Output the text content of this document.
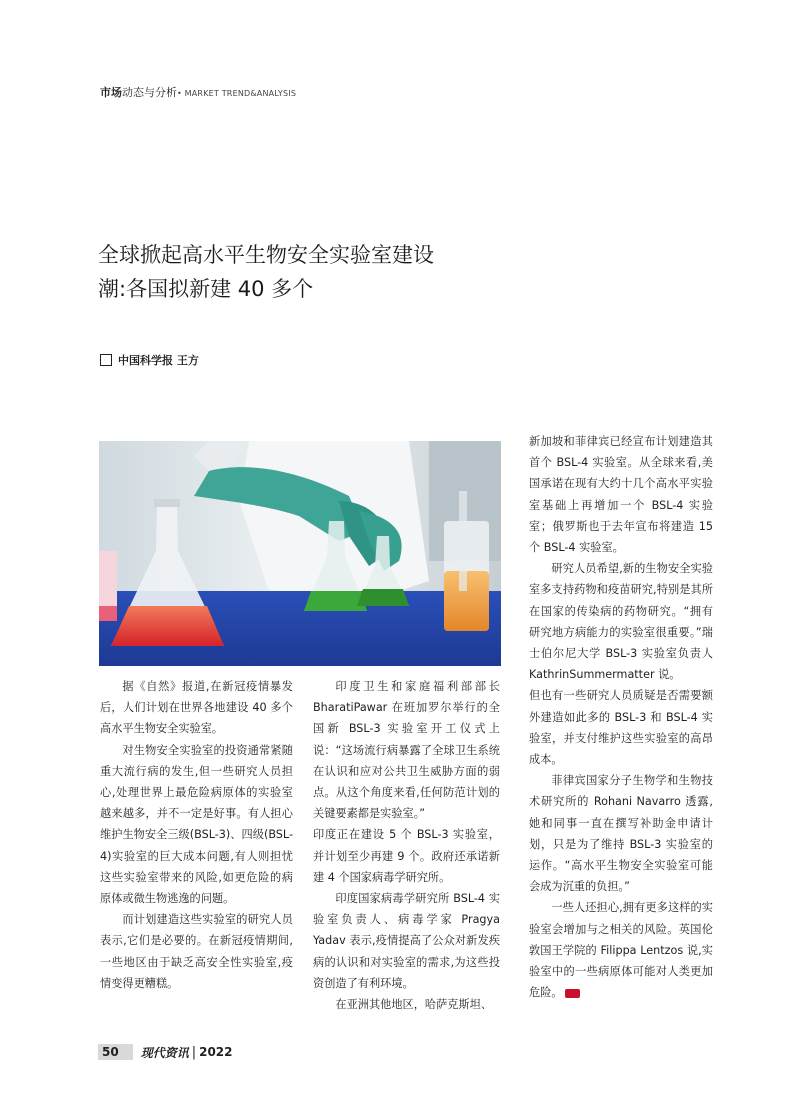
市场动态与分析• MARKET TREND&ANALYSIS
全球掀起高水平生物安全实验室建设
潮:各国拟新建 40 多个
中国科学报 王方

据《自然》报道,在新冠疫情暴发后，人们计划在世界各地建设 40 多个高水平生物安全实验室。

对生物安全实验室的投资通常紧随重大流行病的发生,但一些研究人员担心,处理世界上最危险病原体的实验室越来越多，并不一定是好事。有人担心维护生物安全三级(BSL-3)、四级(BSL-4)实验室的巨大成本问题,有人则担忧这些实验室带来的风险,如更危险的病原体或微生物逃逸的问题。

而计划建造这些实验室的研究人员表示,它们是必要的。在新冠疫情期间,一些地区由于缺乏高安全性实验室,疫情变得更糟糕。

印度卫生和家庭福利部部长 BharatiPawar 在班加罗尔举行的全国新 BSL-3 实验室开工仪式上说：“这场流行病暴露了全球卫生系统在认识和应对公共卫生威胁方面的弱点。从这个角度来看,任何防范计划的关键要素都是实验室。”

印度正在建设 5 个 BSL-3 实验室，并计划至少再建 9 个。政府还承诺新建 4 个国家病毒学研究所。

印度国家病毒学研究所 BSL-4 实验室负责人、病毒学家 Pragya Yadav 表示,疫情提高了公众对新发疾病的认识和对实验室的需求,为这些投资创造了有利环境。

在亚洲其他地区，哈萨克斯坦、

新加坡和菲律宾已经宣布计划建造其首个 BSL-4 实验室。从全球来看,美国承诺在现有大约十几个高水平实验室基础上再增加一个 BSL-4 实验室；俄罗斯也于去年宣布将建造 15 个 BSL-4 实验室。

研究人员希望,新的生物安全实验室多支持药物和疫苗研究,特别是其所在国家的传染病的药物研究。“拥有研究地方病能力的实验室很重要。”瑞士伯尔尼大学 BSL-3 实验室负责人 KathrinSummermatter 说。

但也有一些研究人员质疑是否需要额外建造如此多的 BSL-3 和 BSL-4 实验室，并支付维护这些实验室的高昂成本。

菲律宾国家分子生物学和生物技术研究所的 Rohani Navarro 透露,她和同事一直在撰写补助金申请计划，只是为了维持 BSL-3 实验室的运作。“高水平生物安全实验室可能会成为沉重的负担。”

一些人还担心,拥有更多这样的实验室会增加与之相关的风险。英国伦敦国王学院的 Filippa Lentzos 说,实验室中的一些病原体可能对人类更加危险。

50	现代资讯 | 2022
